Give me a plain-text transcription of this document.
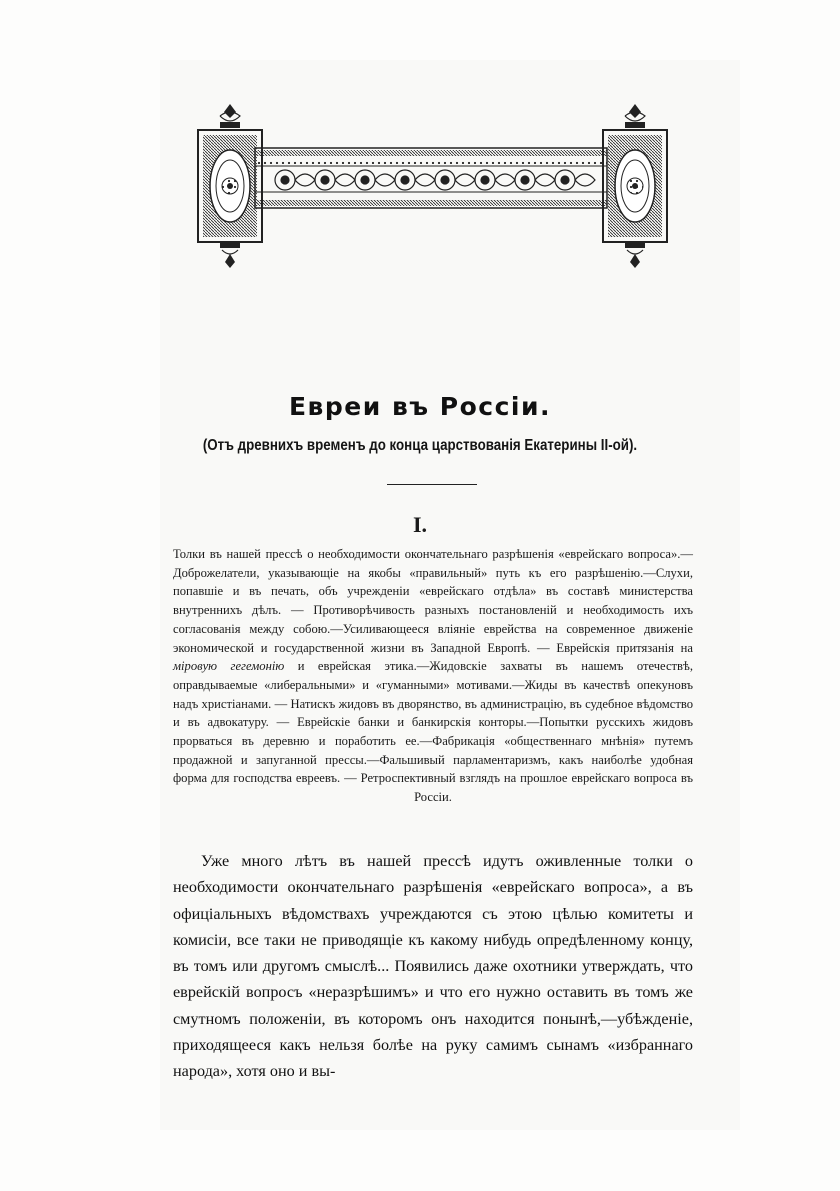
Евреи въ Россіи.
(Отъ древнихъ временъ до конца царствованія Екатерины II-ой).
I.
Толки въ нашей прессѣ о необходимости окончательнаго разрѣшенія «еврейскаго вопроса».—Доброжелатели, указывающіе на якобы «правильный» путь къ его разрѣшенію.—Слухи, попавшіе и въ печать, объ учрежденіи «еврейскаго отдѣла» въ составѣ министерства внутреннихъ дѣлъ. — Противорѣчивость разныхъ постановленій и необходимость ихъ согласованія между собою.—Усиливающееся вліяніе еврейства на современное движеніе экономической и государственной жизни въ Западной Европѣ. — Еврейскія притязанія на міровую гегемонію и еврейская этика.—Жидовскіе захваты въ нашемъ отечествѣ, оправдываемые «либеральными» и «гуманными» мотивами.—Жиды въ качествѣ опекуновъ надъ христіанами. — Натискъ жидовъ въ дворянство, въ администрацію, въ судебное вѣдомство и въ адвокатуру. — Еврейскіе банки и банкирскія конторы.—Попытки русскихъ жидовъ прорваться въ деревню и поработить ее.—Фабрикація «общественнаго мнѣнія» путемъ продажной и запуганной прессы.—Фальшивый парламентаризмъ, какъ наиболѣе удобная форма для господства евреевъ. — Ретроспективный взглядъ на прошлое еврейскаго вопроса въ Россіи.
Уже много лѣтъ въ нашей прессѣ идутъ оживленные толки о необходимости окончательнаго разрѣшенія «еврейскаго вопроса», а въ офиціальныхъ вѣдомствахъ учреждаются съ этою цѣлью комитеты и комисіи, все таки не приводящіе къ какому нибудь опредѣленному концу, въ томъ или другомъ смыслѣ... Появились даже охотники утверждать, что еврейскій вопросъ «неразрѣшимъ» и что его нужно оставить въ томъ же смутномъ положеніи, въ которомъ онъ находится понынѣ,—убѣжденіе, приходящееся какъ нельзя болѣе на руку самимъ сынамъ «избраннаго народа», хотя оно и вы-
